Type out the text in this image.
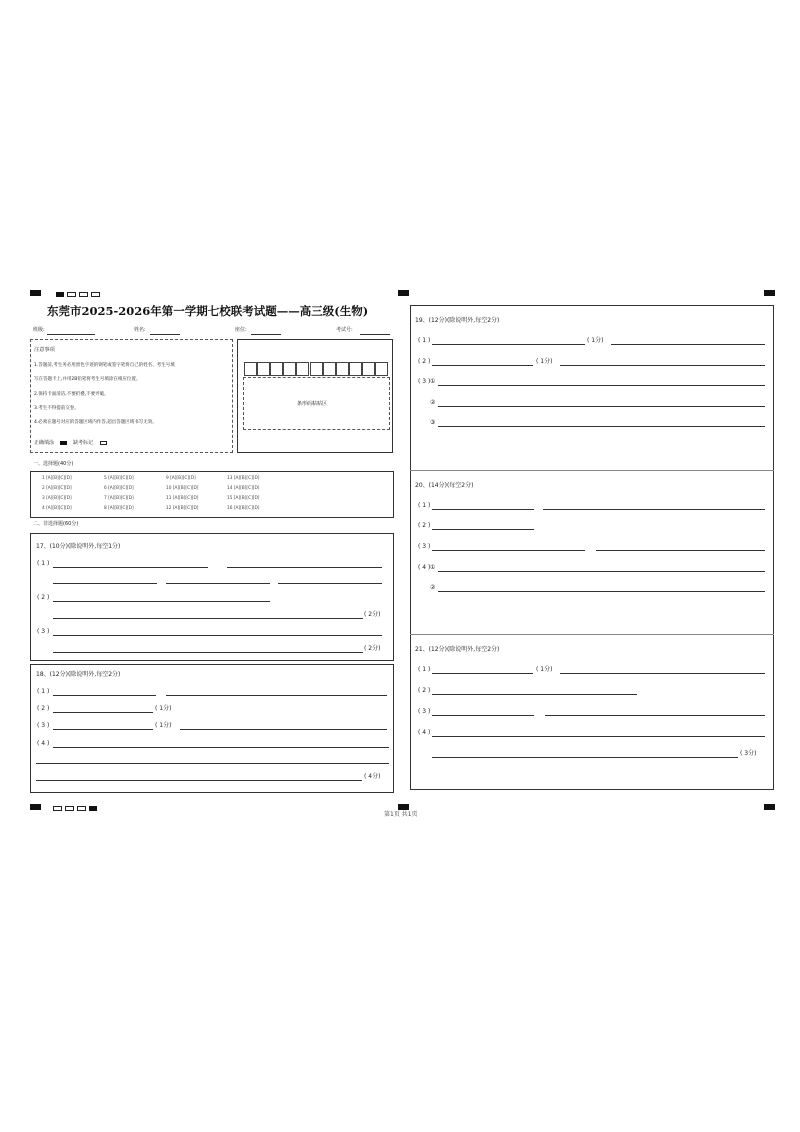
第1页 共1页
东莞市2025-2026年第一学期七校联考试题——高三级(生物)
班级:	姓名:	座位:	考试号:
注意事项
1.答题前,考生务必用黑色字迹的钢笔或签字笔将自己的姓名、考生号填
写在答题卡上,并用2B铅笔将考生号填涂在相应位置。
2.保持卡面清洁,不要折叠,不要弄破。
3.考生不得提前交卷。
4.必须在题号对应的答题区域内作答,超出答题区域书写无效。
正确填涂	缺考标记
条形码粘贴区
一、选择题(40分)
1 [A][B][C][D]	5 [A][B][C][D]	9 [A][B][C][D]	13 [A][B][C][D]
2 [A][B][C][D]	6 [A][B][C][D]	10 [A][B][C][D]	14 [A][B][C][D]
3 [A][B][C][D]	7 [A][B][C][D]	11 [A][B][C][D]	15 [A][B][C][D]
4 [A][B][C][D]	8 [A][B][C][D]	12 [A][B][C][D]	16 [A][B][C][D]
二、非选择题(60分)
17、(10分)(除说明外,每空1分)
( 1 )
( 2 )
( 2分)
( 3 )
( 2分)
18、(12分)(除说明外,每空2分)
( 1 )
( 2 )	( 1分)
( 3 )	( 1分)
( 4 )
( 4分)
19、(12分)(除说明外,每空2分)
( 1 )	( 1分)
( 2 )	( 1分)
( 3 ) ①
②
③
20、(14分)(每空2分)
( 1 )
( 2 )
( 3 )
( 4 ) ①
②
21、(12分)(除说明外,每空2分)
( 1 )	( 1分)
( 2 )
( 3 )
( 4 )
( 3分)
